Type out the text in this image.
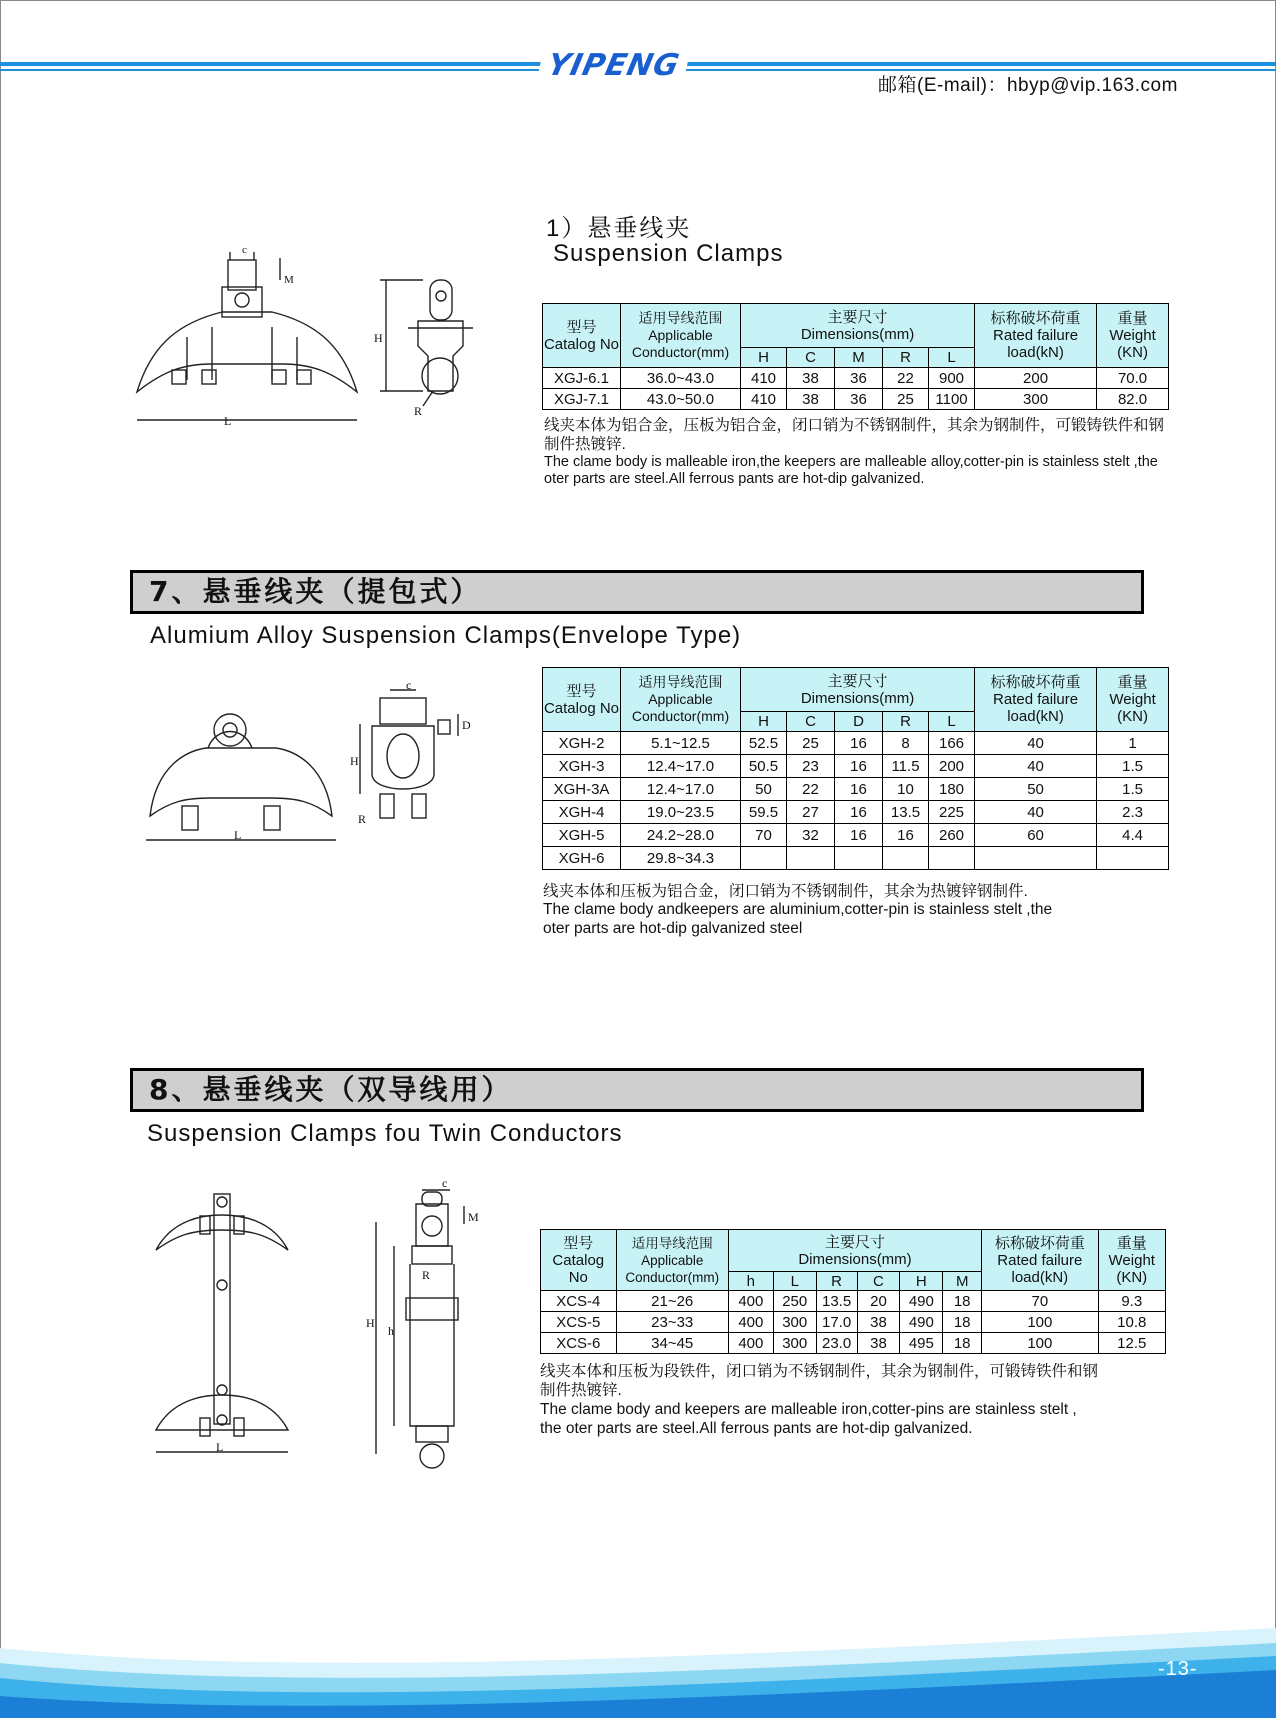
YIPENG
邮箱(E-mail)：hbyp@vip.163.com
1）悬垂线夹
Suspension Clamps
L
c
M
H
R
型号
Catalog No	适用导线范围
Applicable Conductor(mm)	主要尺寸
Dimensions(mm)					标称破坏荷重
Rated failure load(kN)	重量
Weight (KN)
		H	C	M	R	L		
XGJ-6.1	36.0~43.0	410	38	36	22	900	200	70.0
XGJ-7.1	43.0~50.0	410	38	36	25	1100	300	82.0
线夹本体为铝合金，压板为铝合金，闭口销为不锈钢制件，其余为钢制件，可锻铸铁件和钢制件热镀锌.
The clame body is malleable iron,the keepers are malleable alloy,cotter-pin is stainless stelt ,the oter parts are steel.All ferrous pants are hot-dip galvanized.
7、悬垂线夹（提包式）
Alumium Alloy Suspension Clamps(Envelope Type)
L
c
H
D
R
型号
Catalog No	适用导线范围
Applicable Conductor(mm)	主要尺寸
Dimensions(mm)					标称破坏荷重
Rated failure load(kN)	重量
Weight (KN)
		H	C	D	R	L		
XGH-2	5.1~12.5	52.5	25	16	8	166	40	1
XGH-3	12.4~17.0	50.5	23	16	11.5	200	40	1.5
XGH-3A	12.4~17.0	50	22	16	10	180	50	1.5
XGH-4	19.0~23.5	59.5	27	16	13.5	225	40	2.3
XGH-5	24.2~28.0	70	32	16	16	260	60	4.4
XGH-6	29.8~34.3							
线夹本体和压板为铝合金，闭口销为不锈钢制件，其余为热镀锌钢制件.
The clame body andkeepers are aluminium,cotter-pin is stainless stelt ,the
oter parts are hot-dip galvanized steel
8、悬垂线夹（双导线用）
Suspension Clamps fou Twin Conductors
L
c
H
h
M
R
型号
Catalog No	适用导线范围
Applicable Conductor(mm)	主要尺寸
Dimensions(mm)						标称破坏荷重
Rated failure load(kN)	重量
Weight (KN)
		h	L	R	C	H	M		
XCS-4	21~26	400	250	13.5	20	490	18	70	9.3
XCS-5	23~33	400	300	17.0	38	490	18	100	10.8
XCS-6	34~45	400	300	23.0	38	495	18	100	12.5
线夹本体和压板为段铁件，闭口销为不锈钢制件，其余为钢制件，可锻铸铁件和钢
制件热镀锌.
The clame body and keepers are malleable iron,cotter-pins are stainless stelt ,
the oter parts are steel.All ferrous pants are hot-dip galvanized.
-13-
